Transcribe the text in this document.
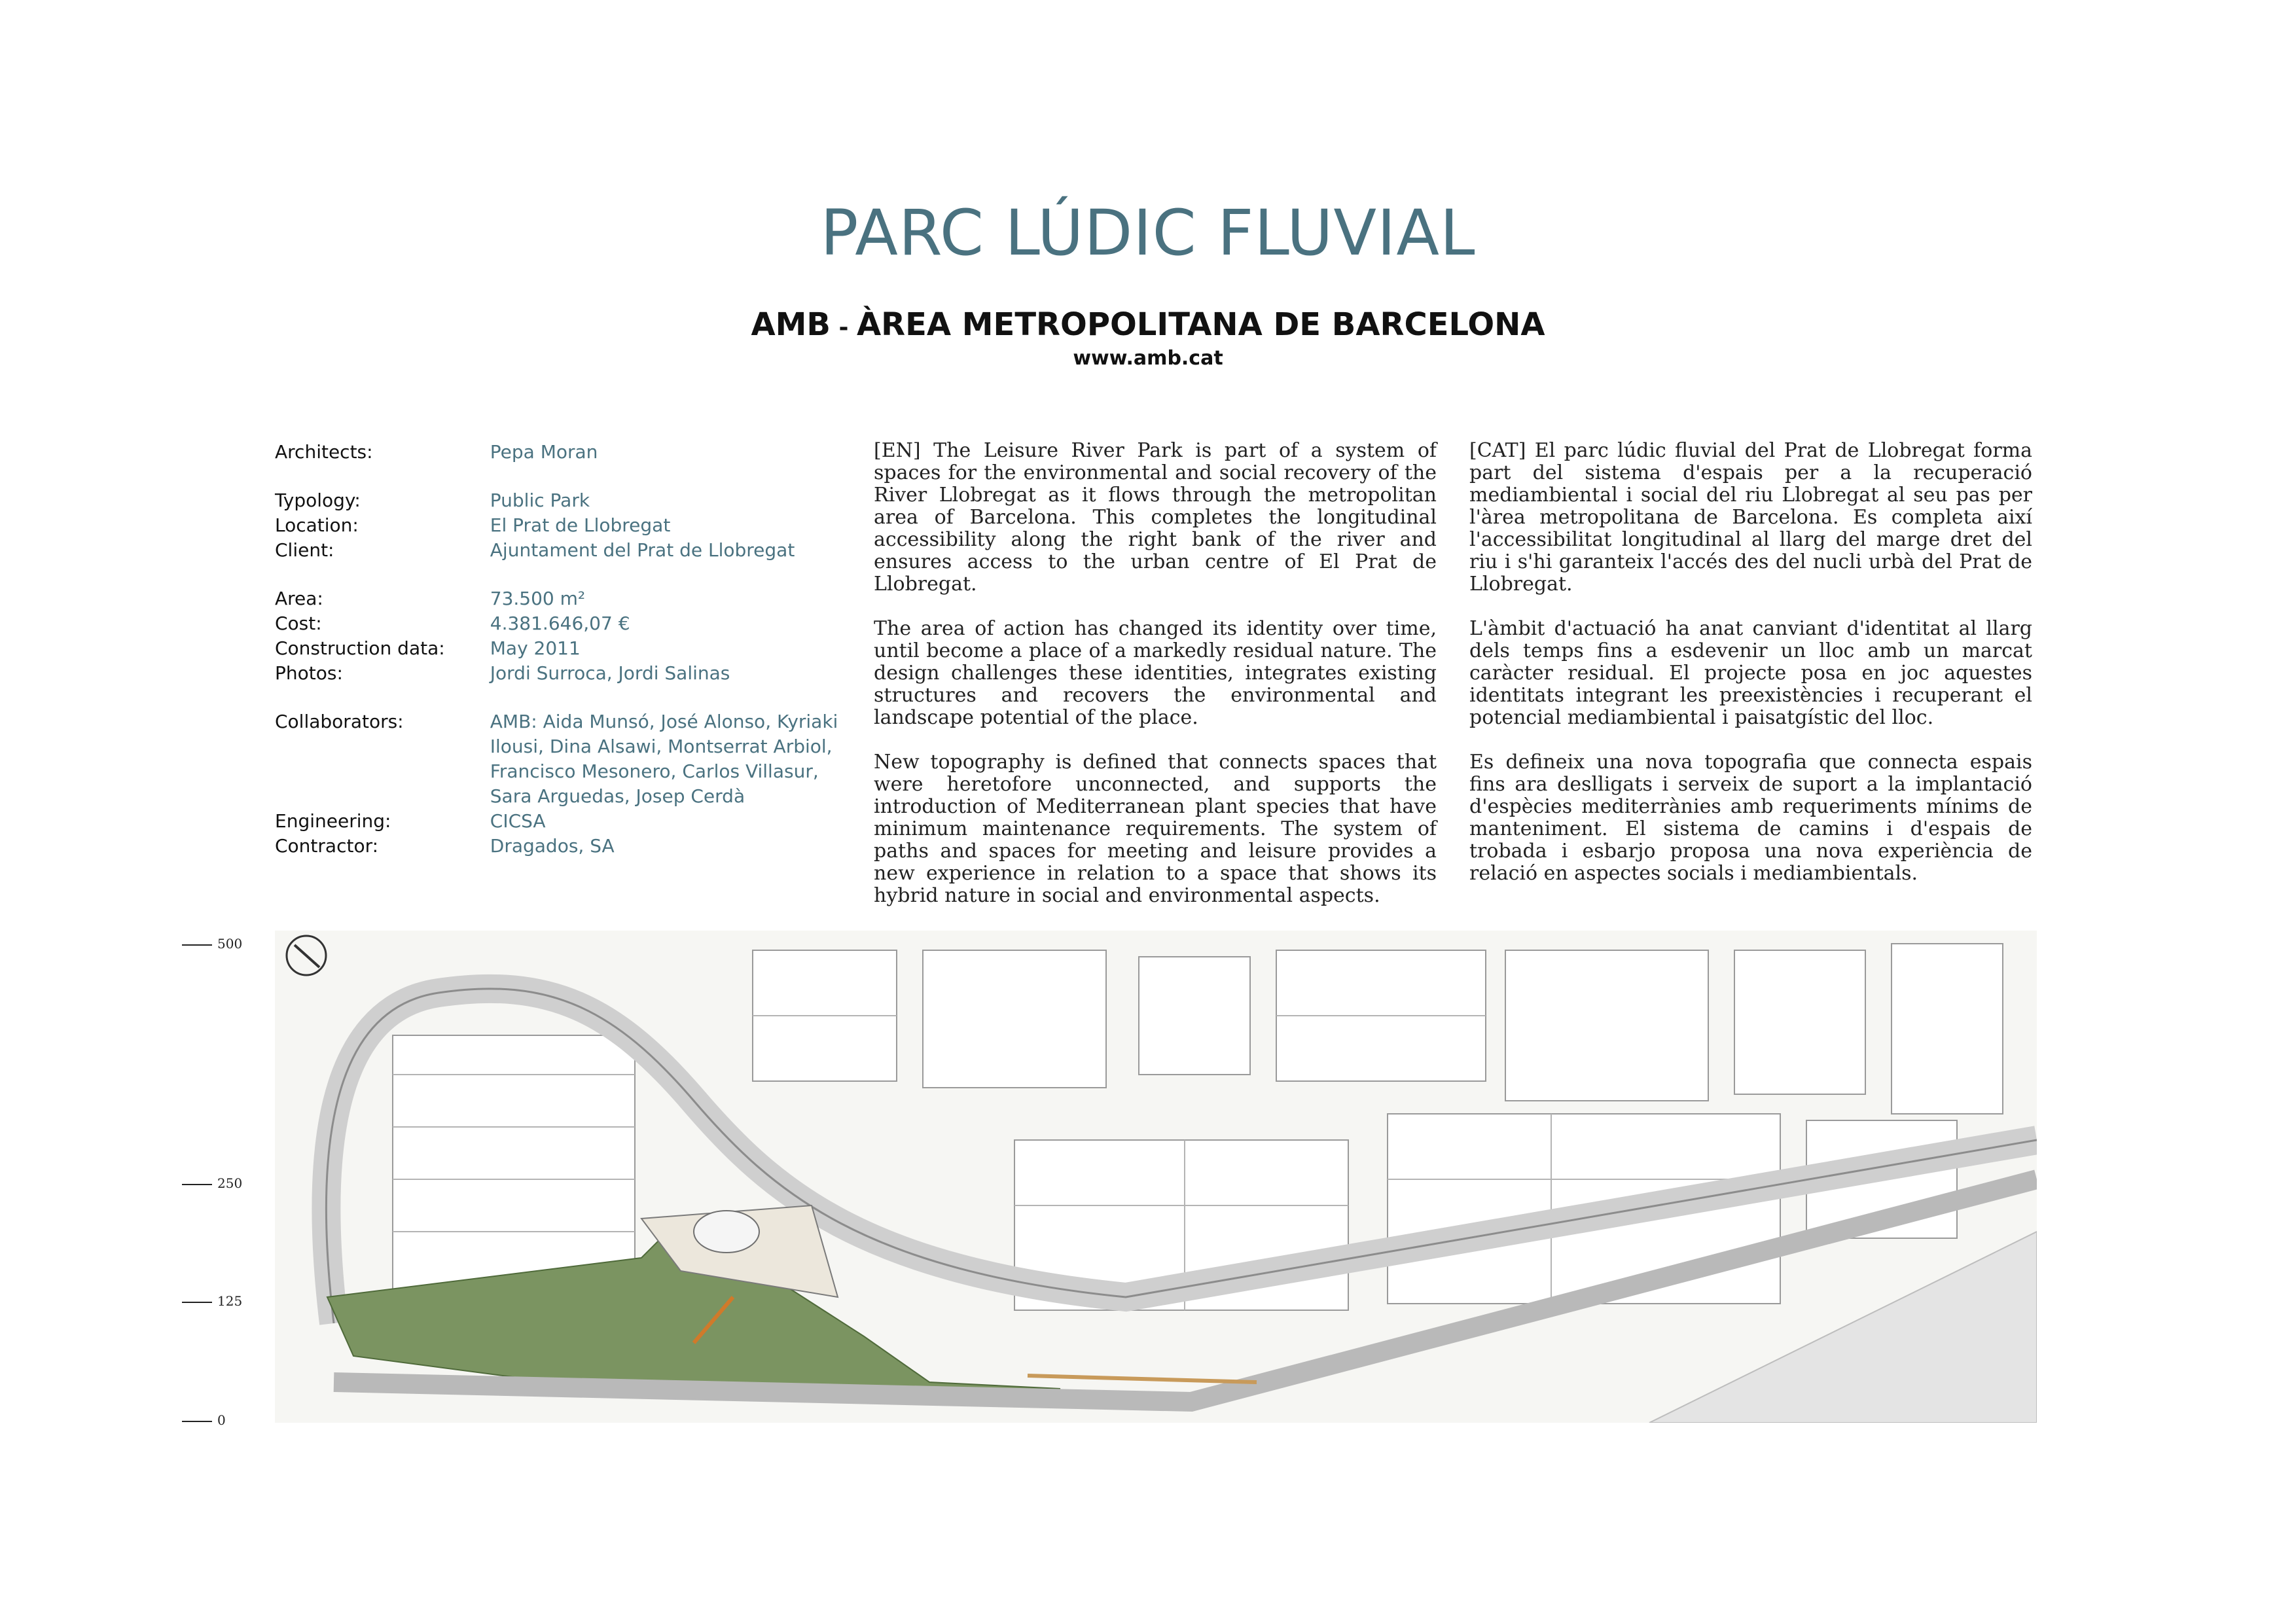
PARC LÚDIC FLUVIAL
AMB - ÀREA METROPOLITANA DE BARCELONA
www.amb.cat
Architects:	Pepa Moran
Typology:	Public Park
Location:	El Prat de Llobregat
Client:	Ajuntament del Prat de Llobregat
Area:	73.500 m²
Cost:	4.381.646,07 €
Construction data:	May 2011
Photos:	Jordi Surroca, Jordi Salinas
Collaborators:	AMB: Aida Munsó, José Alonso, Kyriaki
Ilousi, Dina Alsawi, Montserrat Arbiol,
Francisco Mesonero, Carlos Villasur,
Sara Arguedas, Josep Cerdà
Engineering:	CICSA
Contractor:	Dragados, SA

[EN] The Leisure River Park is part of a system of spaces for the environmental and social recovery of the River Llobregat as it flows through the metropolitan area of Barcelona. This completes the longitudinal accessibility along the right bank of the river and ensures access to the urban centre of El Prat de Llobregat.

The area of action has changed its identity over time, until become a place of a markedly residual nature. The design challenges these identities, integrates existing structures and recovers the environmental and landscape potential of the place.

New topography is defined that connects spaces that were heretofore unconnected, and supports the introduction of Mediterranean plant species that have minimum maintenance requirements. The system of paths and spaces for meeting and leisure provides a new experience in relation to a space that shows its hybrid nature in social and environmental aspects.

[CAT] El parc lúdic fluvial del Prat de Llobregat forma part del sistema d'espais per a la recuperació mediambiental i social del riu Llobregat al seu pas per l'àrea metropolitana de Barcelona. Es completa així l'accessibilitat longitudinal al llarg del marge dret del riu i s'hi garanteix l'accés des del nucli urbà del Prat de Llobregat.

L'àmbit d'actuació ha anat canviant d'identitat al llarg dels temps fins a esdevenir un lloc amb un marcat caràcter residual. El projecte posa en joc aquestes identitats integrant les preexistències i recuperant el potencial mediambiental i paisatgístic del lloc.

Es defineix una nova topografia que connecta espais fins ara deslligats i serveix de suport a la implantació d'espècies mediterrànies amb requeriments mínims de manteniment. El sistema de camins i d'espais de trobada i esbarjo proposa una nova experiència de relació en aspectes socials i mediambientals.

500
250
125
0
